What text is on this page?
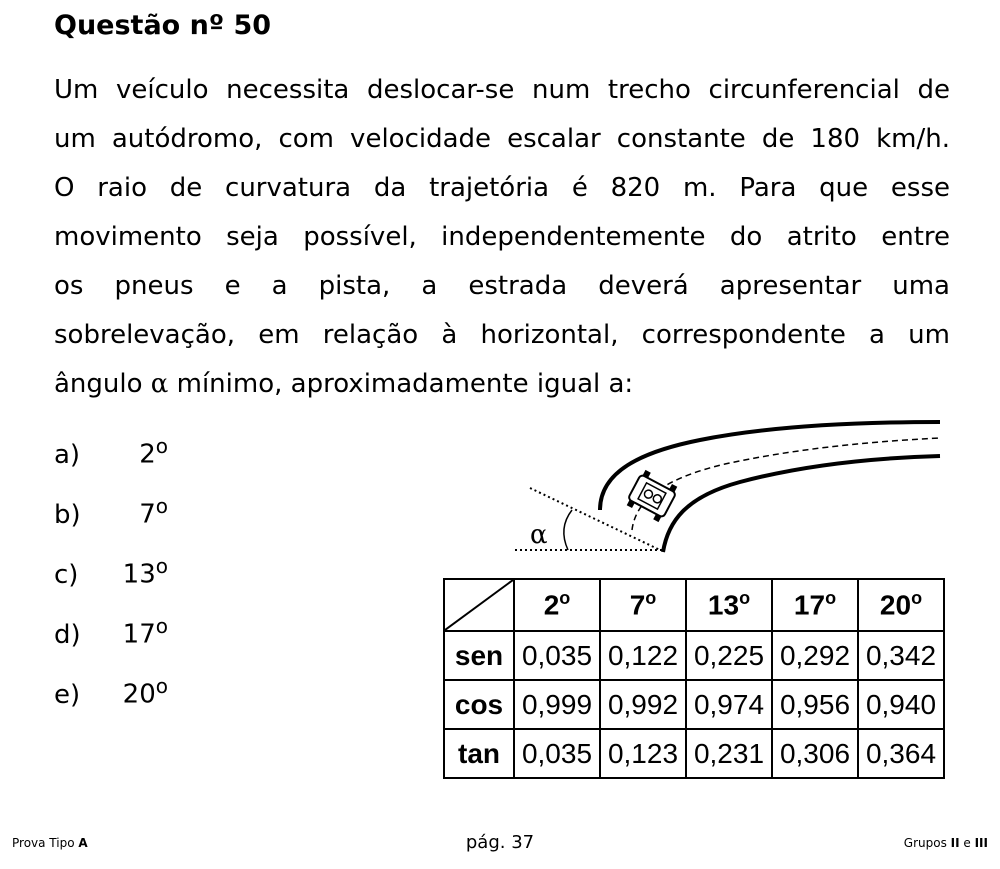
Questão nº 50
Um veículo necessita deslocar-se num trecho circunferencial de
um autódromo, com velocidade escalar constante de 180 km/h.
O raio de curvatura da trajetória é 820 m. Para que esse
movimento seja possível, independentemente do atrito entre
os pneus e a pista, a estrada deverá apresentar uma
sobrelevação, em relação à horizontal, correspondente a um
ângulo α mínimo, aproximadamente igual a:
a) 2$^o$
b) 7$^o$
c) 13$^o$
d) 17$^o$
e) 20$^o$
α
	2$^o$	7$^o$	13$^o$	17$^o$	20$^o$
sen	0,035	0,122	0,225	0,292	0,342
cos	0,999	0,992	0,974	0,956	0,940
tan	0,035	0,123	0,231	0,306	0,364
Prova Tipo A	pág. 37	Grupos II e III
